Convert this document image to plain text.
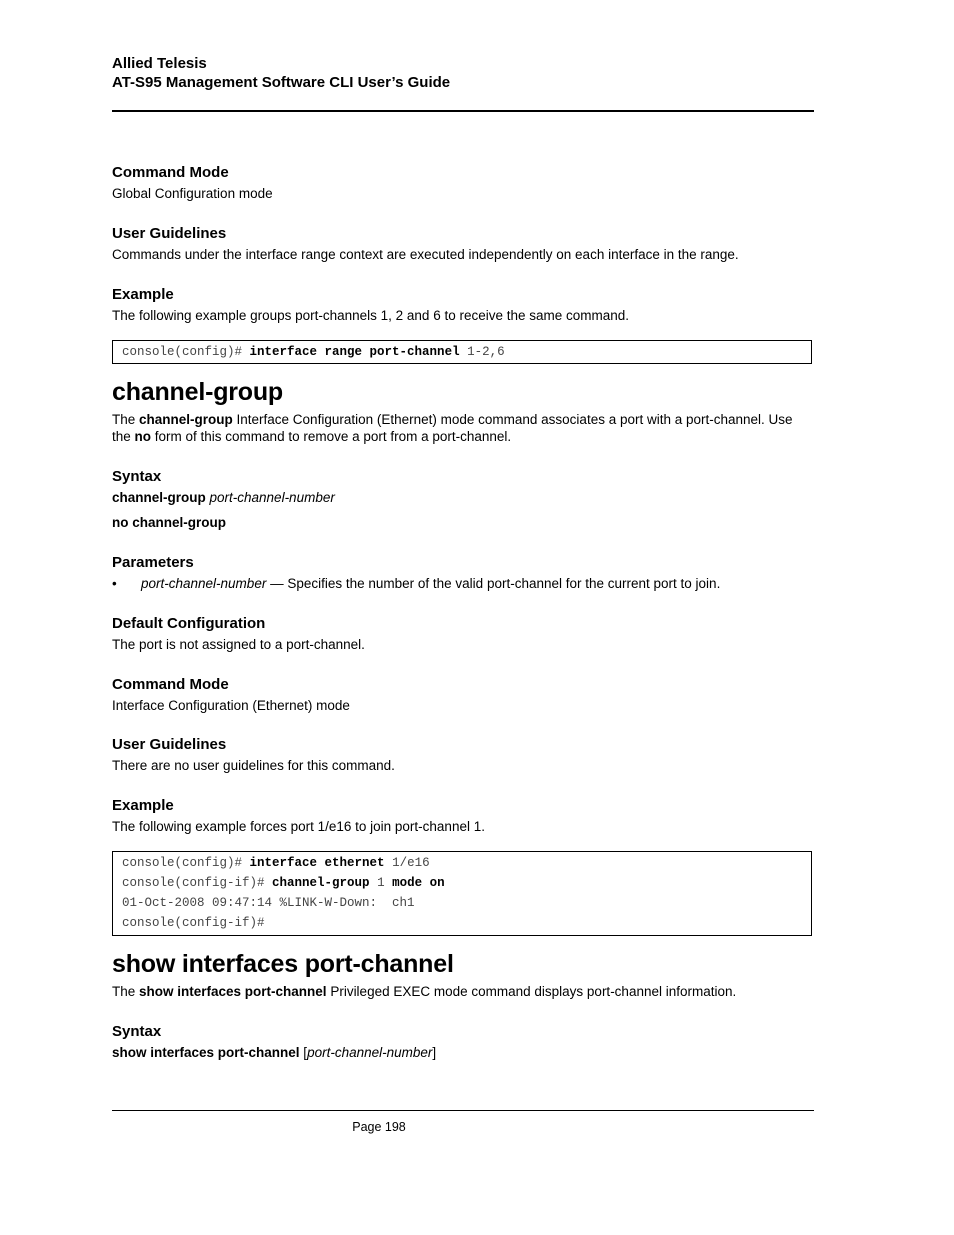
Allied Telesis
AT-S95 Management Software CLI User’s Guide

Command Mode

Global Configuration mode

User Guidelines

Commands under the interface range context are executed independently on each interface in the range.

Example

The following example groups port-channels 1, 2 and 6 to receive the same command.

console(config)# interface range port-channel 1-2,6

channel-group

The channel-group Interface Configuration (Ethernet) mode command associates a port with a port-channel. Use
the no form of this command to remove a port from a port-channel.

Syntax

channel-group port-channel-number

no channel-group

Parameters

• port-channel-number — Specifies the number of the valid port-channel for the current port to join.

Default Configuration

The port is not assigned to a port-channel.

Command Mode

Interface Configuration (Ethernet) mode

User Guidelines

There are no user guidelines for this command.

Example

The following example forces port 1/e16 to join port-channel 1.

console(config)# interface ethernet 1/e16
console(config-if)# channel-group 1 mode on
01-Oct-2008 09:47:14 %LINK-W-Down:  ch1
console(config-if)#

show interfaces port-channel

The show interfaces port-channel Privileged EXEC mode command displays port-channel information.

Syntax

show interfaces port-channel [port-channel-number]

Page 198
